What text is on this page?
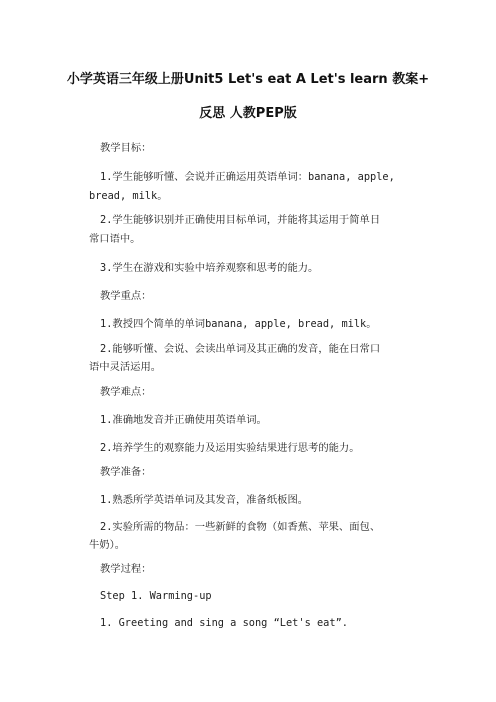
小学英语三年级上册Unit5 Let's eat A Let's learn 教案+
反思 人教PEP版
教学目标：
1.学生能够听懂、会说并正确运用英语单词：banana, apple,
bread, milk。
2.学生能够识别并正确使用目标单词，并能将其运用于简单日
常口语中。
3.学生在游戏和实验中培养观察和思考的能力。
教学重点：
1.教授四个简单的单词banana, apple, bread, milk。
2.能够听懂、会说、会读出单词及其正确的发音，能在日常口
语中灵活运用。
教学难点：
1.准确地发音并正确使用英语单词。
2.培养学生的观察能力及运用实验结果进行思考的能力。
教学准备：
1.熟悉所学英语单词及其发音，准备纸板图。
2.实验所需的物品：一些新鲜的食物（如香蕉、苹果、面包、
牛奶）。
教学过程：
Step 1. Warming-up
1. Greeting and sing a song “Let's eat”.
